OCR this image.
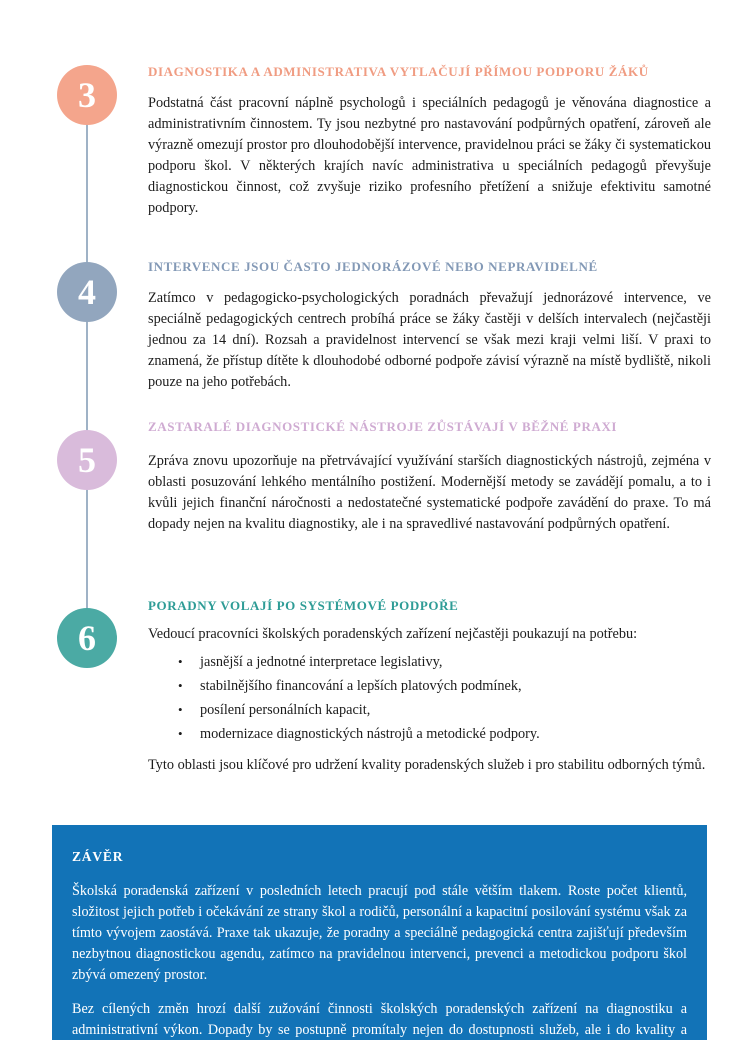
3
DIAGNOSTIKA A ADMINISTRATIVA VYTLAČUJÍ PŘÍMOU PODPORU ŽÁKŮ
Podstatná část pracovní náplně psychologů i speciálních pedagogů je věnována diagnostice a administrativním činnostem. Ty jsou nezbytné pro nastavování podpůrných opatření, zároveň ale výrazně omezují prostor pro dlouhodobější intervence, pravidelnou práci se žáky či systematickou podporu škol. V některých krajích navíc administrativa u speciálních pedagogů převyšuje diagnostickou činnost, což zvyšuje riziko profesního přetížení a snižuje efektivitu samotné podpory.
4
INTERVENCE JSOU ČASTO JEDNORÁZOVÉ NEBO NEPRAVIDELNÉ
Zatímco v pedagogicko-psychologických poradnách převažují jednorázové intervence, ve speciálně pedagogických centrech probíhá práce se žáky častěji v delších intervalech (nejčastěji jednou za 14 dní). Rozsah a pravidelnost intervencí se však mezi kraji velmi liší. V praxi to znamená, že přístup dítěte k dlouhodobé odborné podpoře závisí výrazně na místě bydliště, nikoli pouze na jeho potřebách.
5
ZASTARALÉ DIAGNOSTICKÉ NÁSTROJE ZŮSTÁVAJÍ V BĚŽNÉ PRAXI
Zpráva znovu upozorňuje na přetrvávající využívání starších diagnostických nástrojů, zejména v oblasti posuzování lehkého mentálního postižení. Modernější metody se zavádějí pomalu, a to i kvůli jejich finanční náročnosti a nedostatečné systematické podpoře zavádění do praxe. To má dopady nejen na kvalitu diagnostiky, ale i na spravedlivé nastavování podpůrných opatření.
6
PORADNY VOLAJÍ PO SYSTÉMOVÉ PODPOŘE
Vedoucí pracovníci školských poradenských zařízení nejčastěji poukazují na potřebu:
• jasnější a jednotné interpretace legislativy,
• stabilnějšího financování a lepších platových podmínek,
• posílení personálních kapacit,
• modernizace diagnostických nástrojů a metodické podpory.
Tyto oblasti jsou klíčové pro udržení kvality poradenských služeb i pro stabilitu odborných týmů.
ZÁVĚR

Školská poradenská zařízení v posledních letech pracují pod stále větším tlakem. Roste počet klientů, složitost jejich potřeb i očekávání ze strany škol a rodičů, personální a kapacitní posilování systému však za tímto vývojem zaostává. Praxe tak ukazuje, že poradny a speciálně pedagogická centra zajišťují především nezbytnou diagnostickou agendu, zatímco na pravidelnou intervenci, prevenci a metodickou podporu škol zbývá omezený prostor.

Bez cílených změn hrozí další zužování činnosti školských poradenských zařízení na diagnostiku a administrativní výkon. Dopady by se postupně promítaly nejen do dostupnosti služeb, ale i do kvality a včasnosti podpory poskytované dětem, žákům a studentům v jednotlivých regionech.
